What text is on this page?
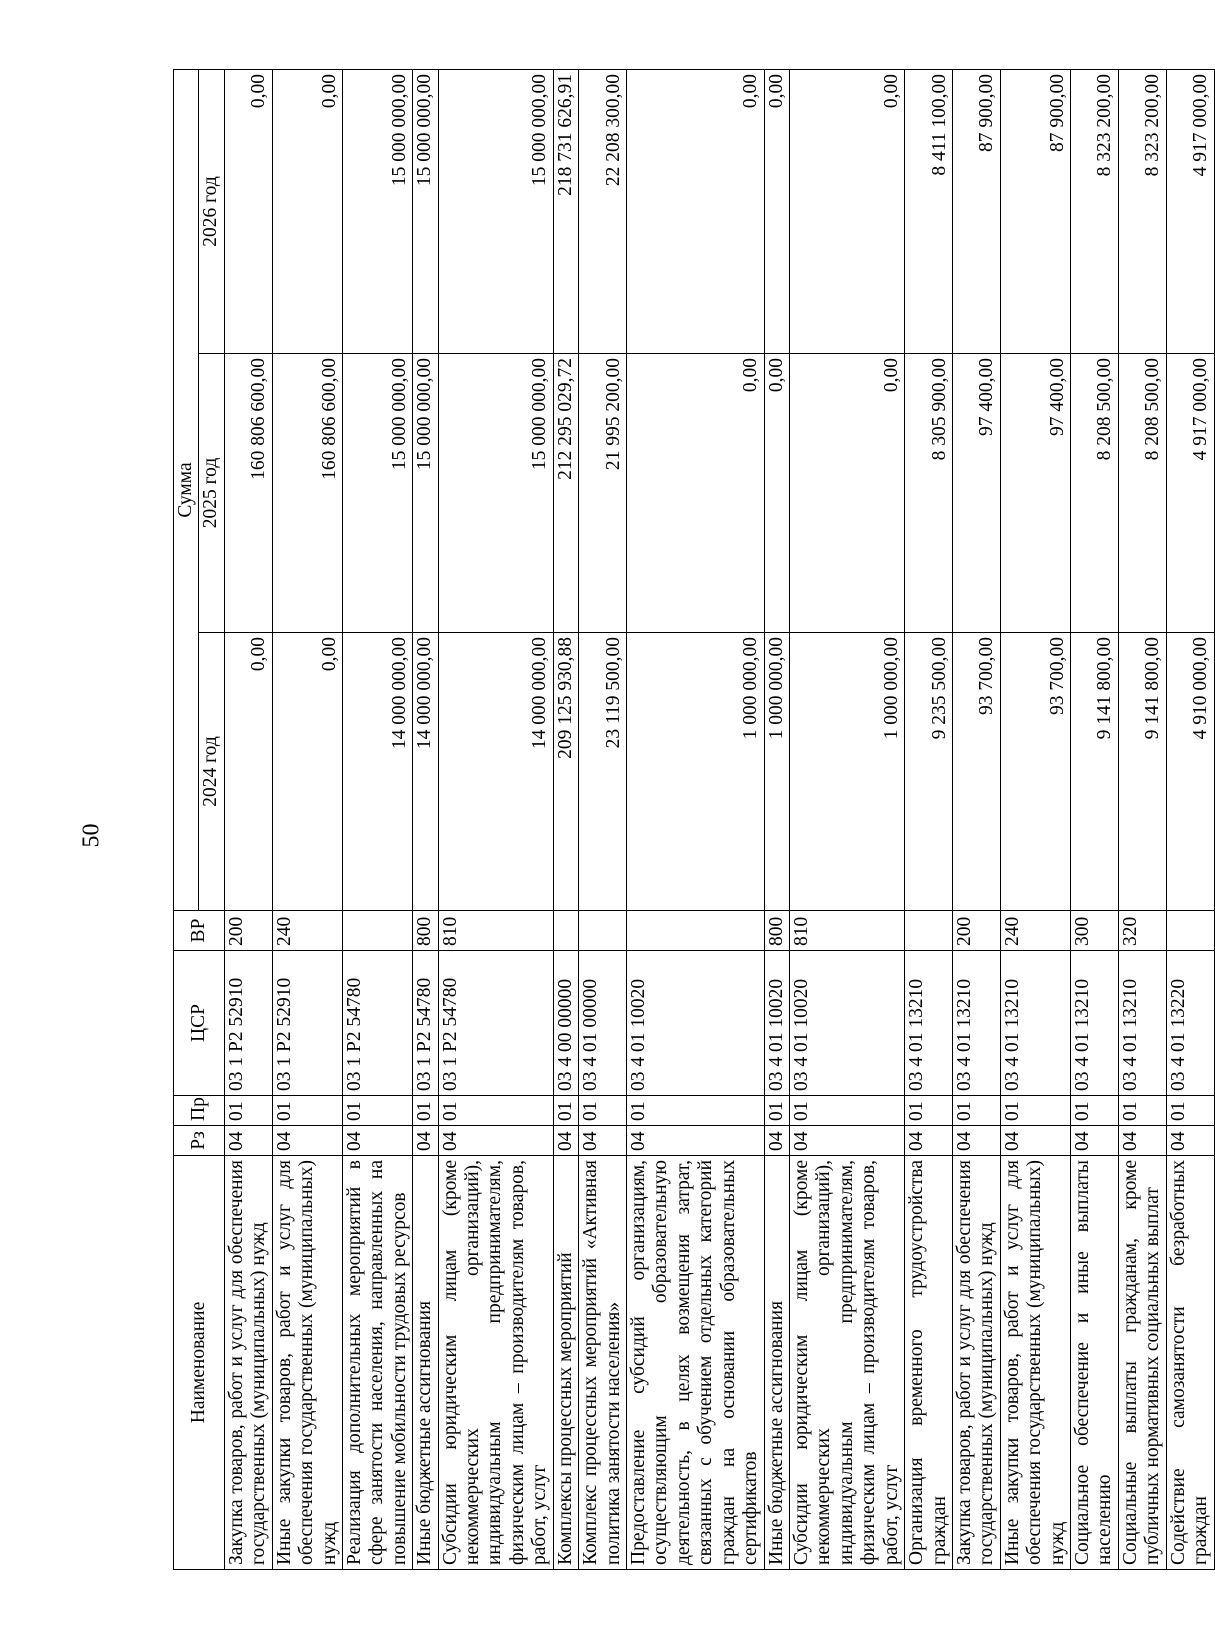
50
Наименование	Рз	Пр	ЦСР	ВР	Сумма		
					2024 год	2025 год	2026 год
Закупка товаров, работ и услуг для обеспечения государственных (муниципальных) нужд	04	01	03 1 P2 52910	200	0,00	160 806 600,00	0,00
Иные закупки товаров, работ и услуг для обеспечения государственных (муниципальных) нужд	04	01	03 1 P2 52910	240	0,00	160 806 600,00	0,00
Реализация дополнительных мероприятий в сфере занятости населения, направленных на повышение мобильности трудовых ресурсов	04	01	03 1 P2 54780		14 000 000,00	15 000 000,00	15 000 000,00
Иные бюджетные ассигнования	04	01	03 1 P2 54780	800	14 000 000,00	15 000 000,00	15 000 000,00
Субсидии юридическим лицам (кроме некоммерческих организаций), индивидуальным предпринимателям, физическим лицам – производителям товаров, работ, услуг	04	01	03 1 P2 54780	810	14 000 000,00	15 000 000,00	15 000 000,00
Комплексы процессных мероприятий	04	01	03 4 00 00000		209 125 930,88	212 295 029,72	218 731 626,91
Комплекс процессных мероприятий «Активная политика занятости населения»	04	01	03 4 01 00000		23 119 500,00	21 995 200,00	22 208 300,00
Предоставление субсидий организациям, осуществляющим образовательную деятельность, в целях возмещения затрат, связанных с обучением отдельных категорий граждан на основании образовательных сертификатов	04	01	03 4 01 10020		1 000 000,00	0,00	0,00
Иные бюджетные ассигнования	04	01	03 4 01 10020	800	1 000 000,00	0,00	0,00
Субсидии юридическим лицам (кроме некоммерческих организаций), индивидуальным предпринимателям, физическим лицам – производителям товаров, работ, услуг	04	01	03 4 01 10020	810	1 000 000,00	0,00	0,00
Организация временного трудоустройства граждан	04	01	03 4 01 13210		9 235 500,00	8 305 900,00	8 411 100,00
Закупка товаров, работ и услуг для обеспечения государственных (муниципальных) нужд	04	01	03 4 01 13210	200	93 700,00	97 400,00	87 900,00
Иные закупки товаров, работ и услуг для обеспечения государственных (муниципальных) нужд	04	01	03 4 01 13210	240	93 700,00	97 400,00	87 900,00
Социальное обеспечение и иные выплаты населению	04	01	03 4 01 13210	300	9 141 800,00	8 208 500,00	8 323 200,00
Социальные выплаты гражданам, кроме публичных нормативных социальных выплат	04	01	03 4 01 13210	320	9 141 800,00	8 208 500,00	8 323 200,00
Содействие самозанятости безработных граждан	04	01	03 4 01 13220		4 910 000,00	4 917 000,00	4 917 000,00
